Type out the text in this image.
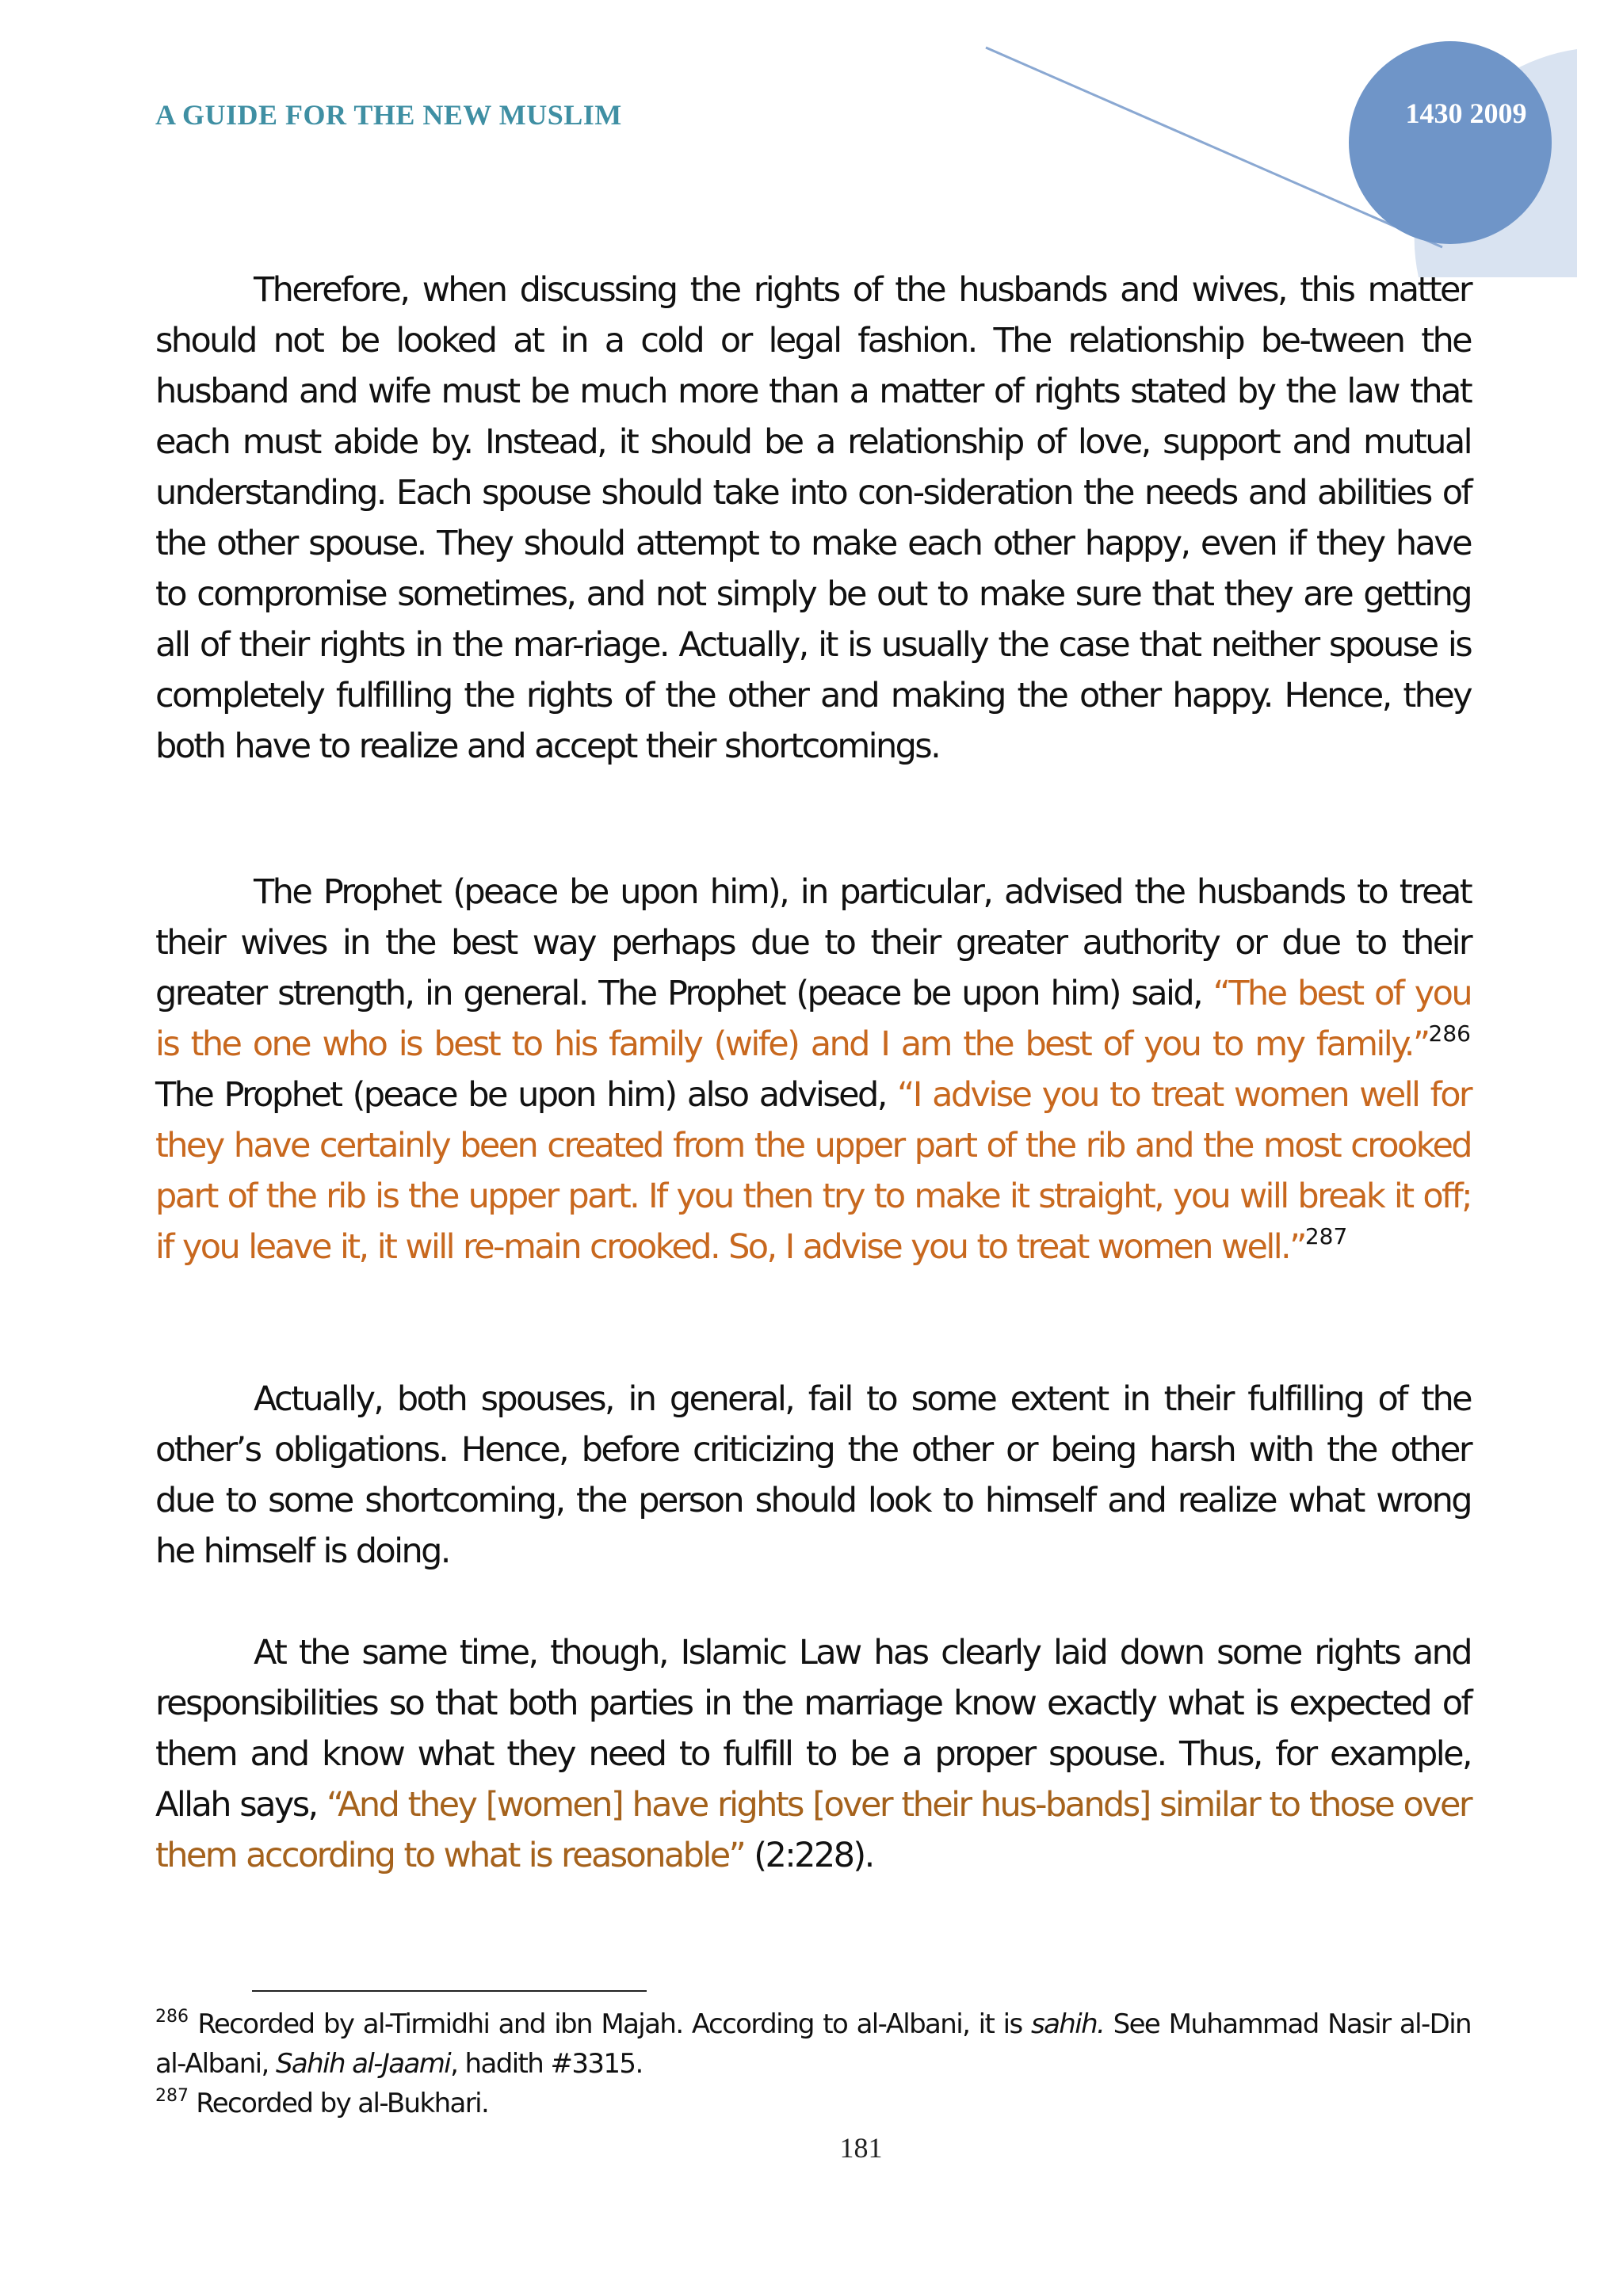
A GUIDE FOR THE NEW MUSLIM	1430 2009

Therefore, when discussing the rights of the husbands and wives, this matter should not be looked at in a cold or legal fashion. The relationship be-tween the husband and wife must be much more than a matter of rights stated by the law that each must abide by. Instead, it should be a relationship of love, support and mutual understanding. Each spouse should take into con-sideration the needs and abilities of the other spouse. They should attempt to make each other happy, even if they have to compromise sometimes, and not simply be out to make sure that they are getting all of their rights in the mar-riage. Actually, it is usually the case that neither spouse is completely fulfilling the rights of the other and making the other happy. Hence, they both have to realize and accept their shortcomings.

The Prophet (peace be upon him), in particular, advised the husbands to treat their wives in the best way perhaps due to their greater authority or due to their greater strength, in general. The Prophet (peace be upon him) said, “The best of you is the one who is best to his family (wife) and I am the best of you to my family.”$^{286}$ The Prophet (peace be upon him) also advised, “I advise you to treat women well for they have certainly been created from the upper part of the rib and the most crooked part of the rib is the upper part. If you then try to make it straight, you will break it off; if you leave it, it will re-main crooked. So, I advise you to treat women well.”$^{287}$

Actually, both spouses, in general, fail to some extent in their fulfilling of the other’s obligations. Hence, before criticizing the other or being harsh with the other due to some shortcoming, the person should look to himself and realize what wrong he himself is doing.

At the same time, though, Islamic Law has clearly laid down some rights and responsibilities so that both parties in the marriage know exactly what is expected of them and know what they need to fulfill to be a proper spouse. Thus, for example, Allah says, “And they [women] have rights [over their hus-bands] similar to those over them according to what is reasonable” (2:228).

$^{286}$ Recorded by al-Tirmidhi and ibn Majah. According to al-Albani, it is sahih. See Muhammad Nasir al-Din al-Albani, Sahih al-Jaami, hadith #3315.

$^{287}$ Recorded by al-Bukhari.

181
